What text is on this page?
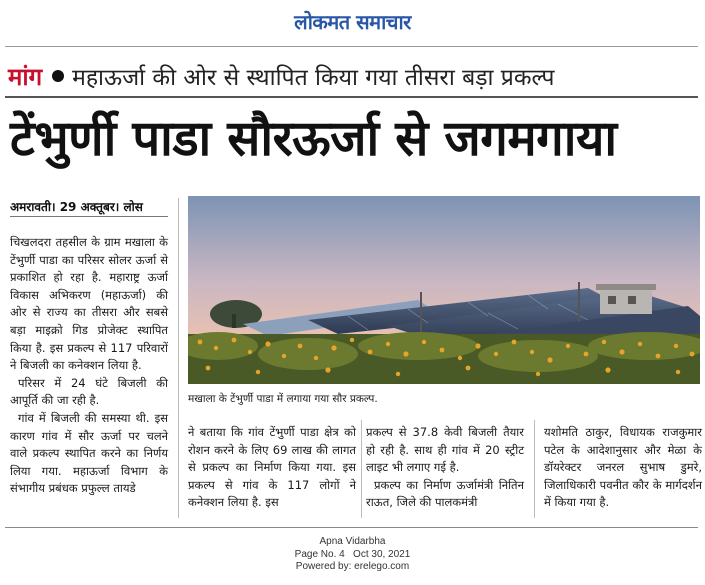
लोकमत समाचार
मांग महाऊर्जा की ओर से स्थापित किया गया तीसरा बड़ा प्रकल्प
टेंभुर्णी पाडा सौरऊर्जा से जगमगाया
अमरावती। 29 अक्तूबर। लोस

चिखलदरा तहसील के ग्राम मखाला के टेंभुर्णी पाडा का परिसर सोलर ऊर्जा से प्रकाशित हो रहा है. महाराष्ट्र ऊर्जा विकास अभिकरण (महाऊर्जा) की ओर से राज्य का तीसरा और सबसे बड़ा माइक्रो गिड प्रोजेक्ट स्थापित किया है. इस प्रकल्प से 117 परिवारों ने बिजली का कनेक्शन लिया है.

परिसर में 24 घंटे बिजली की आपूर्ति की जा रही है.

गांव में बिजली की समस्या थी. इस कारण गांव में सौर ऊर्जा पर चलने वाले प्रकल्प स्थापित करने का निर्णय लिया गया. महाऊर्जा विभाग के संभागीय प्रबंधक प्रफुल्ल तायडे

मखाला के टेंभुर्णी पाडा में लगाया गया सौर प्रकल्प.

ने बताया कि गांव टेंभुर्णी पाडा क्षेत्र को रोशन करने के लिए 69 लाख की लागत से प्रकल्प का निर्माण किया गया. इस प्रकल्प से गांव के 117 लोगों ने कनेक्शन लिया है. इस

प्रकल्प से 37.8 केवी बिजली तैयार हो रही है. साथ ही गांव में 20 स्ट्रीट लाइट भी लगाए गई है.

प्रकल्प का निर्माण ऊर्जामंत्री नितिन राऊत, जिले की पालकमंत्री

यशोमति ठाकुर, विधायक राजकुमार पटेल के आदेशानुसार और मेळा के डॉयरेक्टर जनरल सुभाष डुमरे, जिलाधिकारी पवनीत कौर के मार्गदर्शन में किया गया है.

Apna Vidarbha
Page No. 4   Oct 30, 2021
Powered by: erelego.com
